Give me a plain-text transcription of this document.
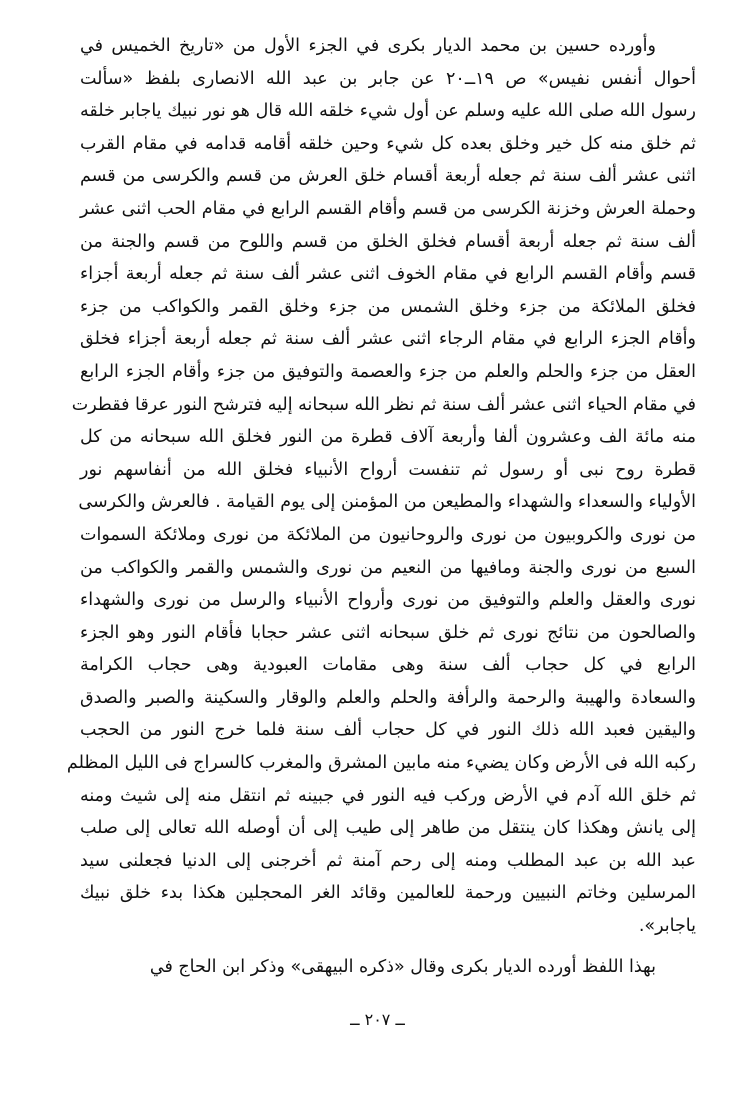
وأورده حسين بن محمد الديار بكرى في الجزء الأول من «تاريخ الخميس في
أحوال أنفس نفيس» ص ١٩ــ٢٠ عن جابر بن عبد الله الانصارى بلفظ «سألت
رسول الله صلى الله عليه وسلم عن أول شيء خلقه الله قال هو نور نبيك ياجابر خلقه
ثم خلق منه كل خير وخلق بعده كل شيء وحين خلقه أقامه قدامه في مقام القرب
اثنى عشر ألف سنة ثم جعله أربعة أقسام خلق العرش من قسم والكرسى من قسم
وحملة العرش وخزنة الكرسى من قسم وأقام القسم الرابع في مقام الحب اثنى عشر
ألف سنة ثم جعله أربعة أقسام فخلق الخلق من قسم واللوح من قسم والجنة من
قسم وأقام القسم الرابع في مقام الخوف اثنى عشر ألف سنة ثم جعله أربعة أجزاء
فخلق الملائكة من جزء وخلق الشمس من جزء وخلق القمر والكواكب من جزء
وأقام الجزء الرابع في مقام الرجاء اثنى عشر ألف سنة ثم جعله أربعة أجزاء فخلق
العقل من جزء والحلم والعلم من جزء والعصمة والتوفيق من جزء وأقام الجزء الرابع
في مقام الحياء اثنى عشر ألف سنة ثم نظر الله سبحانه إليه فترشح النور عرقا فقطرت
منه مائة الف وعشرون ألفا وأربعة آلاف قطرة من النور فخلق الله سبحانه من كل
قطرة روح نبى أو رسول ثم تنفست أرواح الأنبياء فخلق الله من أنفاسهم نور
الأولياء والسعداء والشهداء والمطيعن من المؤمنن إلى يوم القيامة . فالعرش والكرسى
من نورى والكروبيون من نورى والروحانيون من الملائكة من نورى وملائكة السموات
السبع من نورى والجنة ومافيها من النعيم من نورى والشمس والقمر والكواكب من
نورى والعقل والعلم والتوفيق من نورى وأرواح الأنبياء والرسل من نورى والشهداء
والصالحون من نتائج نورى ثم خلق سبحانه اثنى عشر حجابا فأقام النور وهو الجزء
الرابع في كل حجاب ألف سنة وهى مقامات العبودية وهى حجاب الكرامة
والسعادة والهيبة والرحمة والرأفة والحلم والعلم والوقار والسكينة والصبر والصدق
واليقين فعبد الله ذلك النور في كل حجاب ألف سنة فلما خرج النور من الحجب
ركبه الله فى الأرض وكان يضيء منه مابين المشرق والمغرب كالسراج فى الليل المظلم
ثم خلق الله آدم في الأرض وركب فيه النور في جبينه ثم انتقل منه إلى شيث ومنه
إلى يانش وهكذا كان ينتقل من طاهر إلى طيب إلى أن أوصله الله تعالى إلى صلب
عبد الله بن عبد المطلب ومنه إلى رحم آمنة ثم أخرجنى إلى الدنيا فجعلنى سيد
المرسلين وخاتم النبيين ورحمة للعالمين وقائد الغر المحجلين هكذا بدء خلق نبيك
ياجابر».
بهذا اللفظ أورده الديار بكرى وقال «ذكره البيهقى» وذكر ابن الحاج في
ــ ٢٠٧ ــ
